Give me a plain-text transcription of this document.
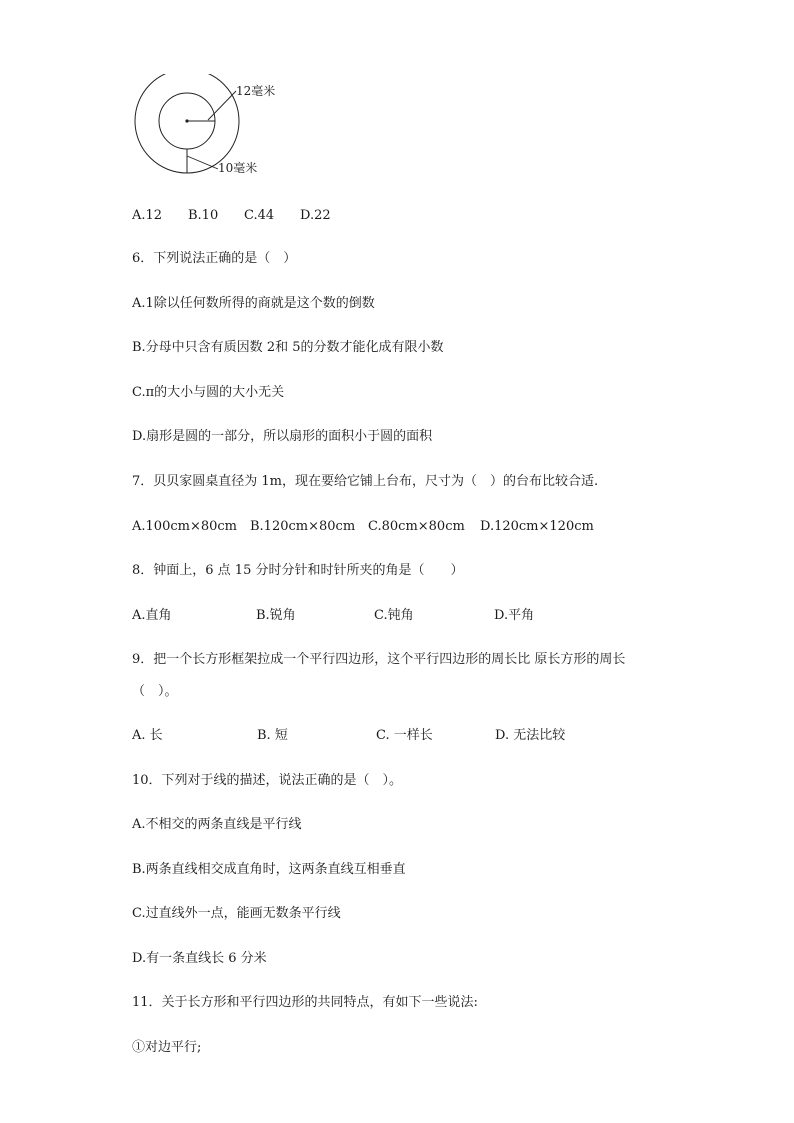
12毫米
10毫米
A.12 B.10 C.44 D.22
6．下列说法正确的是（　）
A.1除以任何数所得的商就是这个数的倒数
B.分母中只含有质因数 2和 5的分数才能化成有限小数
C.π的大小与圆的大小无关
D.扇形是圆的一部分，所以扇形的面积小于圆的面积
7．贝贝家圆桌直径为 1m，现在要给它铺上台布，尺寸为（　）的台布比较合适.
A.100cm×80cm B.120cm×80cm C.80cm×80cm D.120cm×120cm
8．钟面上，6 点 15 分时分针和时针所夹的角是（　　）
A.直角	B.锐角	C.钝角	D.平角
9．把一个长方形框架拉成一个平行四边形，这个平行四边形的周长比 原长方形的周长
（　）。
A. 长	B. 短	C. 一样长	D. 无法比较
10．下列对于线的描述，说法正确的是（　）。
A.不相交的两条直线是平行线
B.两条直线相交成直角时，这两条直线互相垂直
C.过直线外一点，能画无数条平行线
D.有一条直线长 6 分米
11．关于长方形和平行四边形的共同特点，有如下一些说法:
①对边平行;
